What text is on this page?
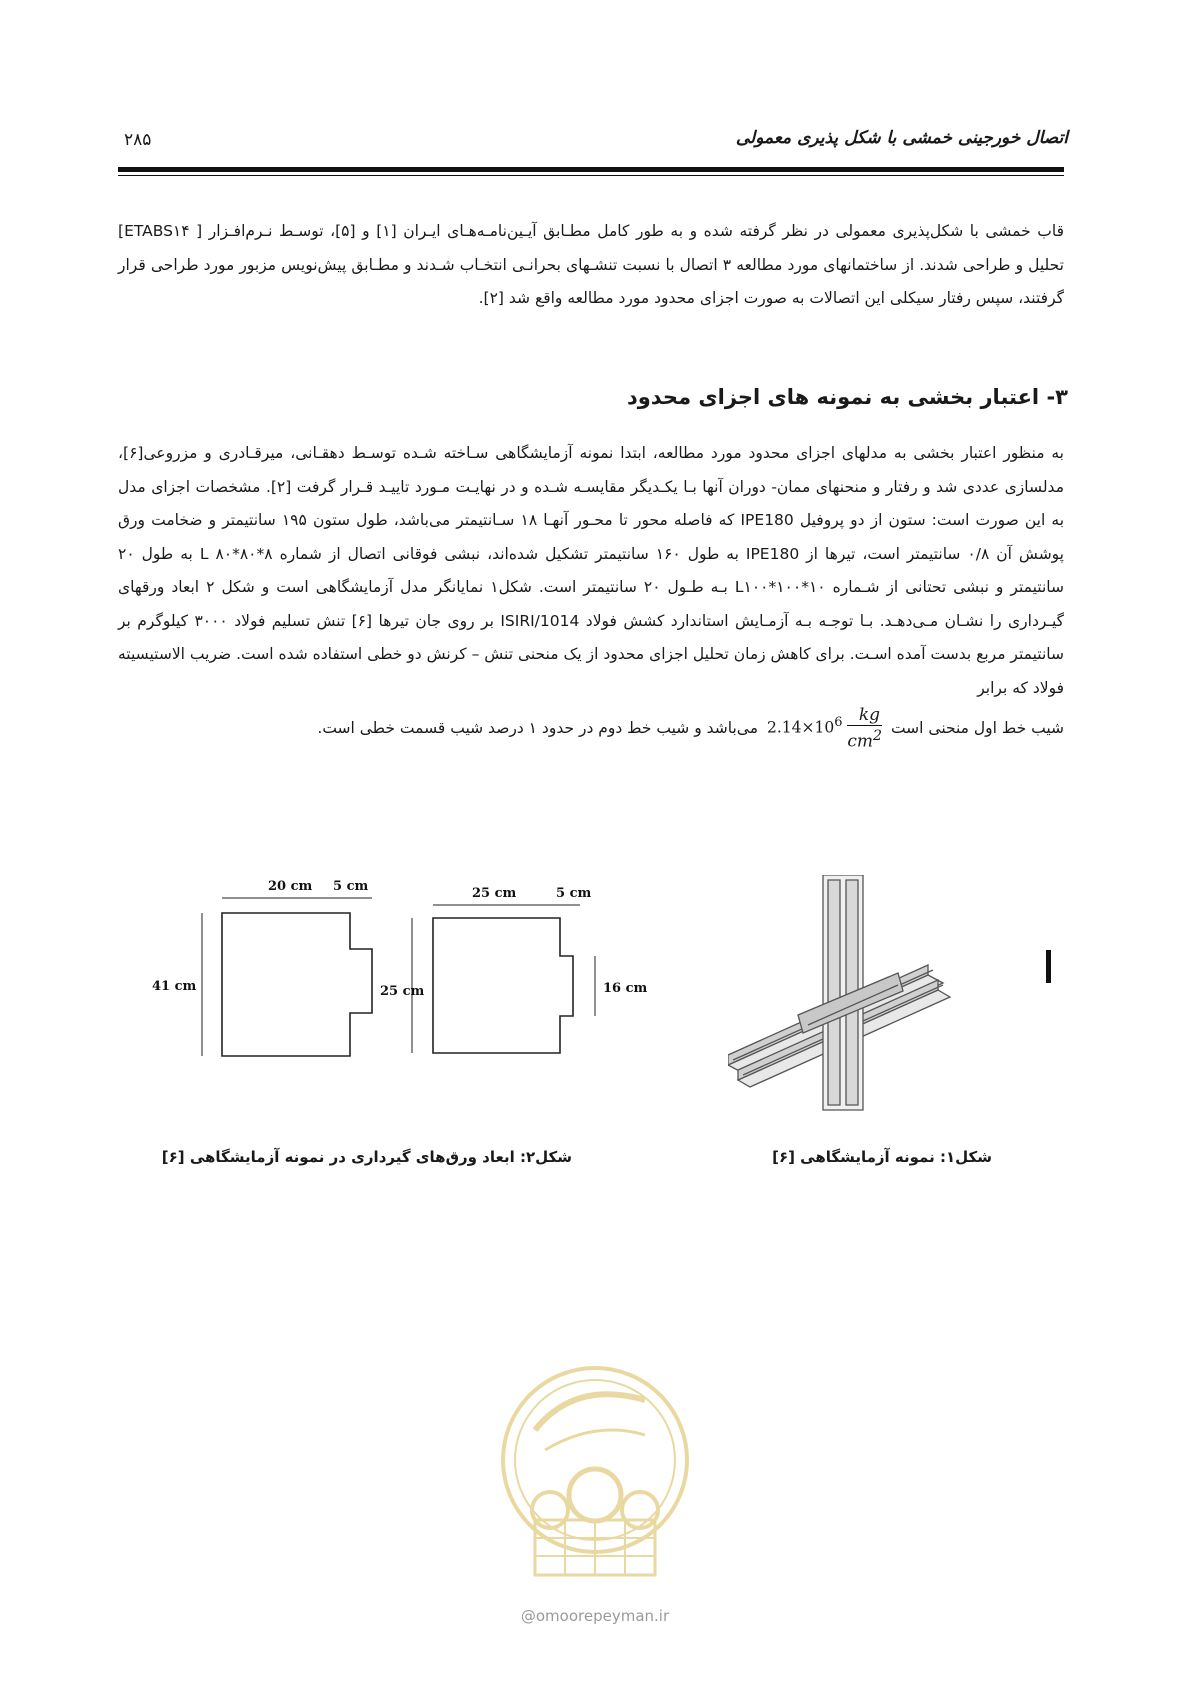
اتصال خورجینی خمشی با شکل پذیری معمولی
۲۸۵
قاب خمشی با شکل‌پذیری معمولی در نظر گرفته شده و به طور کامل مطـابق آیـین‌نامـه‌هـای ایـران [۱] و [۵]، توسـط نـرم‌افـزار [ ETABS‌۱۴] تحلیل و طراحی شدند. از ساختمانهای مورد مطالعه ۳ اتصال با نسبت تنشـهای بحرانـی انتخـاب شـدند و مطـابق پیش‌نویس مزبور مورد طراحی قرار گرفتند، سپس رفتار سیکلی این اتصالات به صورت اجزای محدود مورد مطالعه واقع شد [۲].
۳- اعتبار بخشی به نمونه های اجزای محدود

به منظور اعتبار بخشی به مدلهای اجزای محدود مورد مطالعه، ابتدا نمونه آزمایشگاهی سـاخته شـده توسـط دهقـانی، میرقـادری و مزروعی[۶]، مدلسازی عددی شد و رفتار و منحنهای ممان- دوران آنها بـا یکـدیگر مقایسـه شـده و در نهایـت مـورد تاییـد قـرار گرفت [۲]. مشخصات اجزای مدل به این صورت است: ستون از دو پروفیل IPE180 که فاصله محور تا محـور آنهـا ۱۸ سـانتیمتر می‌باشد، طول ستون ۱۹۵ سانتیمتر و ضخامت ورق پوشش آن ۰/۸ سانتیمتر است، تیرها از IPE180 به طول ۱۶۰ سانتیمتر تشکیل شده‌اند، نبشی فوقانی اتصال از شماره ۸*۸۰*۸۰ L به طول ۲۰ سانتیمتر و نبشی تحتانی از شـماره ۱۰*۱۰۰*L۱۰۰ بـه طـول ۲۰ سانتیمتر است. شکل۱ نمایانگر مدل آزمایشگاهی است و شکل ۲ ابعاد ورقهای گیـرداری را نشـان مـی‌دهـد. بـا توجـه بـه آزمـایش استاندارد کشش فولاد ISIRI/1014 بر روی جان تیرها [۶] تنش تسلیم فولاد ۳۰۰۰ کیلوگرم بر سانتیمتر مربع بدست آمده اسـت. برای کاهش زمان تحلیل اجزای محدود از یک منحنی تنش – کرنش دو خطی استفاده شده است. ضریب الاستیسیته فولاد که برابر

شیب خط اول منحنی است $2.14\times 10^6 \frac{kg}{cm^2}$
می‌باشد و شیب خط دوم در حدود ۱ درصد شیب قسمت خطی است.

شکل۱: نمونه آزمایشگاهی [۶]
20 cm 5 cm
41 cm	25 cm
25 cm	5 cm
16 cm
شکل۲: ابعاد ورق‌های گیرداری در نمونه آزمایشگاهی [۶]
@omoorepeyman.ir
